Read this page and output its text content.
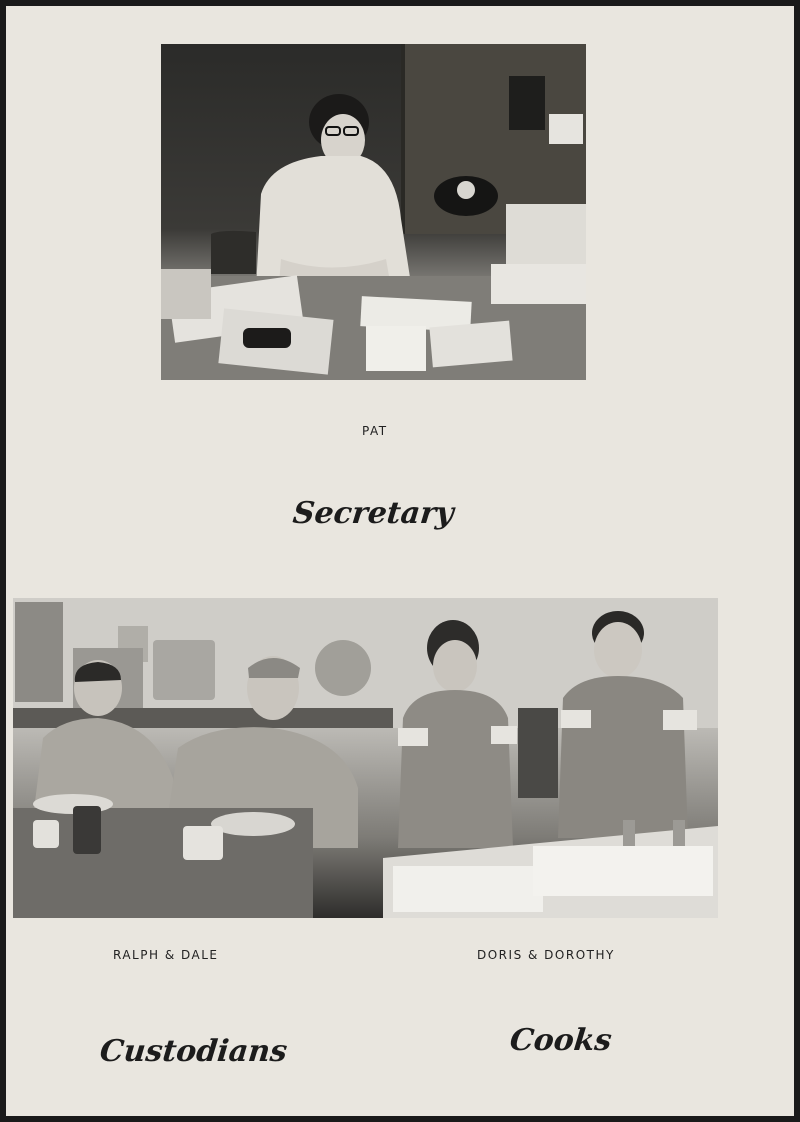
PAT
Secretary
RALPH & DALE	DORIS & DOROTHY
Custodians	Cooks
